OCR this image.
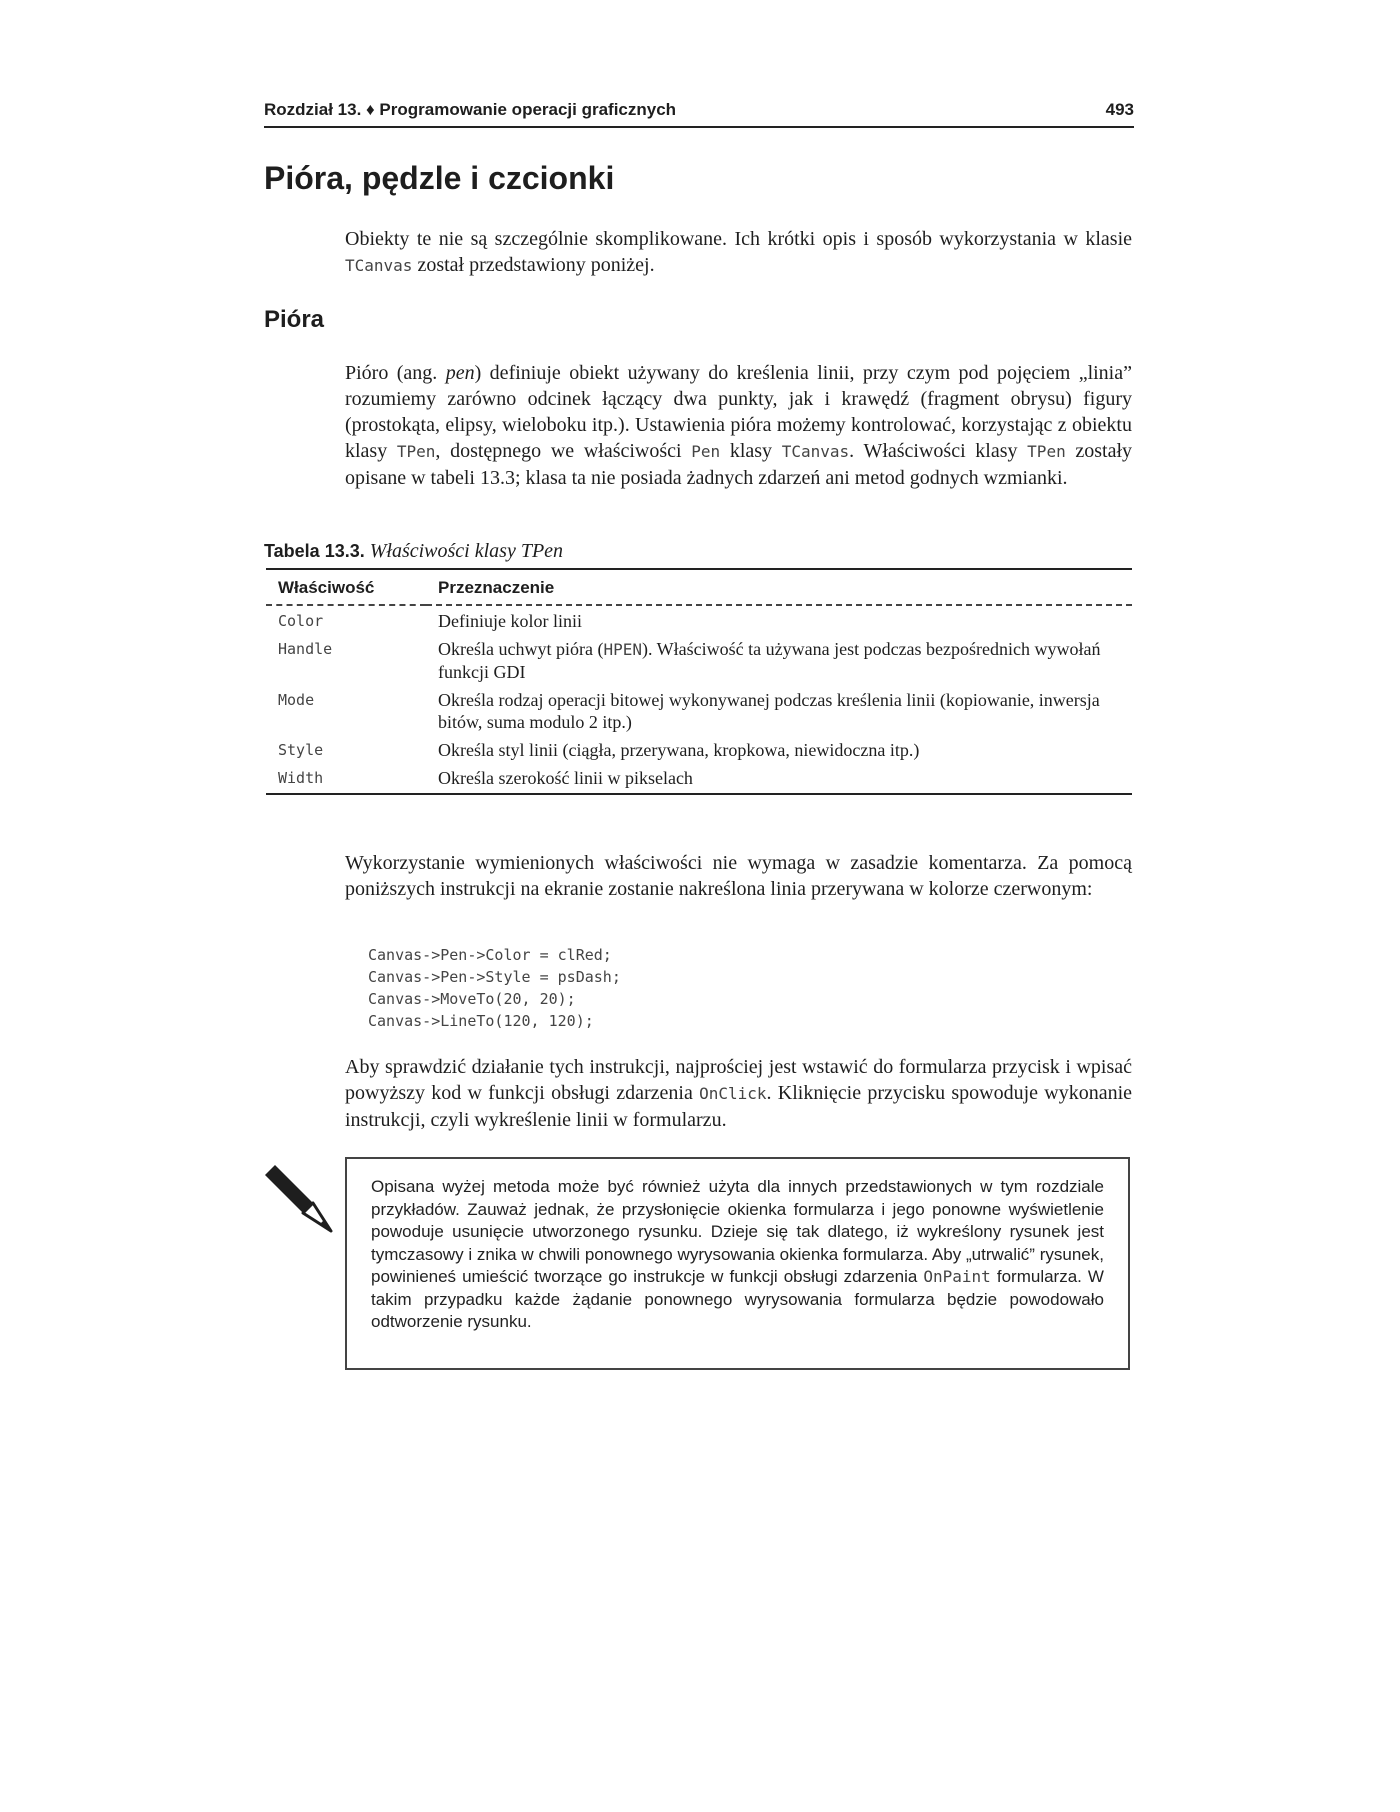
Rozdział 13. ♦ Programowanie operacji graficznych	493
Pióra, pędzle i czcionki

Obiekty te nie są szczególnie skomplikowane. Ich krótki opis i sposób wykorzystania w klasie TCanvas został przedstawiony poniżej.

Pióra

Pióro (ang. pen) definiuje obiekt używany do kreślenia linii, przy czym pod pojęciem „linia” rozumiemy zarówno odcinek łączący dwa punkty, jak i krawędź (fragment obrysu) figury (prostokąta, elipsy, wieloboku itp.). Ustawienia pióra możemy kontrolować, korzystając z obiektu klasy TPen, dostępnego we właściwości Pen klasy TCanvas. Właściwości klasy TPen zostały opisane w tabeli 13.3; klasa ta nie posiada żadnych zdarzeń ani metod godnych wzmianki.

Tabela 13.3. Właściwości klasy TPen
Właściwość	Przeznaczenie
Color	Definiuje kolor linii
Handle	Określa uchwyt pióra (HPEN). Właściwość ta używana jest podczas bezpośrednich wywołań funkcji GDI
Mode	Określa rodzaj operacji bitowej wykonywanej podczas kreślenia linii (kopiowanie, inwersja bitów, suma modulo 2 itp.)
Style	Określa styl linii (ciągła, przerywana, kropkowa, niewidoczna itp.)
Width	Określa szerokość linii w pikselach

Wykorzystanie wymienionych właściwości nie wymaga w zasadzie komentarza. Za pomocą poniższych instrukcji na ekranie zostanie nakreślona linia przerywana w kolorze czerwonym:

Canvas->Pen->Color = clRed;
Canvas->Pen->Style = psDash;
Canvas->MoveTo(20, 20);
Canvas->LineTo(120, 120);

Aby sprawdzić działanie tych instrukcji, najprościej jest wstawić do formularza przycisk i wpisać powyższy kod w funkcji obsługi zdarzenia OnClick. Kliknięcie przycisku spowoduje wykonanie instrukcji, czyli wykreślenie linii w formularzu.

Opisana wyżej metoda może być również użyta dla innych przedstawionych w tym rozdziale przykładów. Zauważ jednak, że przysłonięcie okienka formularza i jego ponowne wyświetlenie powoduje usunięcie utworzonego rysunku. Dzieje się tak dlatego, iż wykreślony rysunek jest tymczasowy i znika w chwili ponownego wyrysowania okienka formularza. Aby „utrwalić” rysunek, powinieneś umieścić tworzące go instrukcje w funkcji obsługi zdarzenia OnPaint formularza. W takim przypadku każde żądanie ponownego wyrysowania formularza będzie powodowało odtworzenie rysunku.
